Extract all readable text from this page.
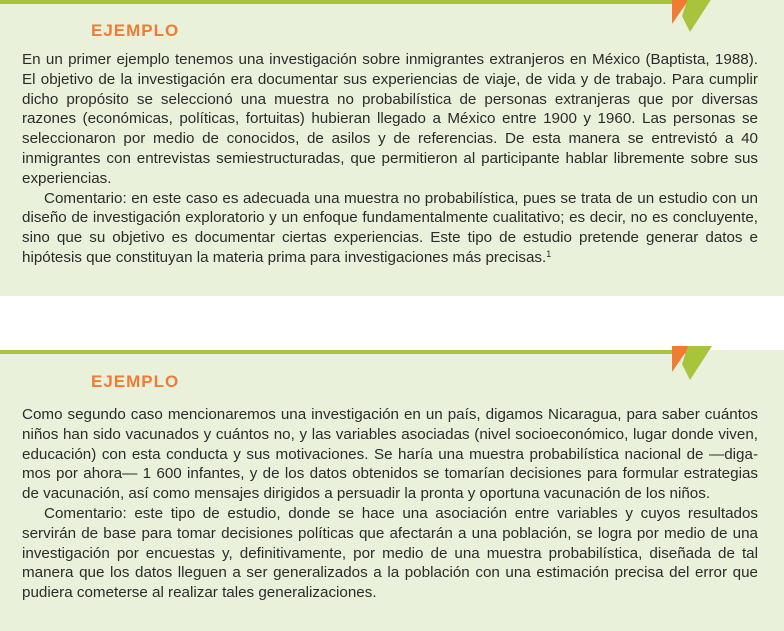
EJEMPLO

En un primer ejemplo tenemos una investigación sobre inmigrantes extranjeros en México (Baptista, 1988). El objetivo de la investigación era documentar sus experiencias de viaje, de vida y de trabajo. Para cumplir dicho propósito se seleccionó una muestra no probabilística de personas extranjeras que por diversas razones (económicas, políticas, fortuitas) hubieran llegado a México entre 1900 y 1960. Las personas se seleccionaron por medio de conocidos, de asilos y de referencias. De esta manera se entrevistó a 40 inmigrantes con entrevistas semiestructuradas, que permitieron al participante hablar libremente sobre sus experiencias.

Comentario: en este caso es adecuada una muestra no probabilística, pues se trata de un estudio con un diseño de investigación exploratorio y un enfoque fundamentalmente cualitativo; es decir, no es concluyente, sino que su objetivo es documentar ciertas experiencias. Este tipo de estudio pretende generar datos e hipótesis que constituyan la materia prima para investigaciones más precisas.$^1$

EJEMPLO

Como segundo caso mencionaremos una investigación en un país, digamos Nicaragua, para saber cuántos niños han sido vacunados y cuántos no, y las variables asociadas (nivel socioeconómico, lugar donde viven, educación) con esta conducta y sus motivaciones. Se haría una muestra probabilística nacional de —digamos por ahora— 1 600 infantes, y de los datos obtenidos se tomarían decisiones para formular estrategias de vacunación, así como mensajes dirigidos a persuadir la pronta y oportuna vacunación de los niños.

Comentario: este tipo de estudio, donde se hace una asociación entre variables y cuyos resultados servirán de base para tomar decisiones políticas que afectarán a una población, se logra por medio de una investigación por encuestas y, definitivamente, por medio de una muestra probabilística, diseñada de tal manera que los datos lleguen a ser generalizados a la población con una estimación precisa del error que pudiera cometerse al realizar tales generalizaciones.
